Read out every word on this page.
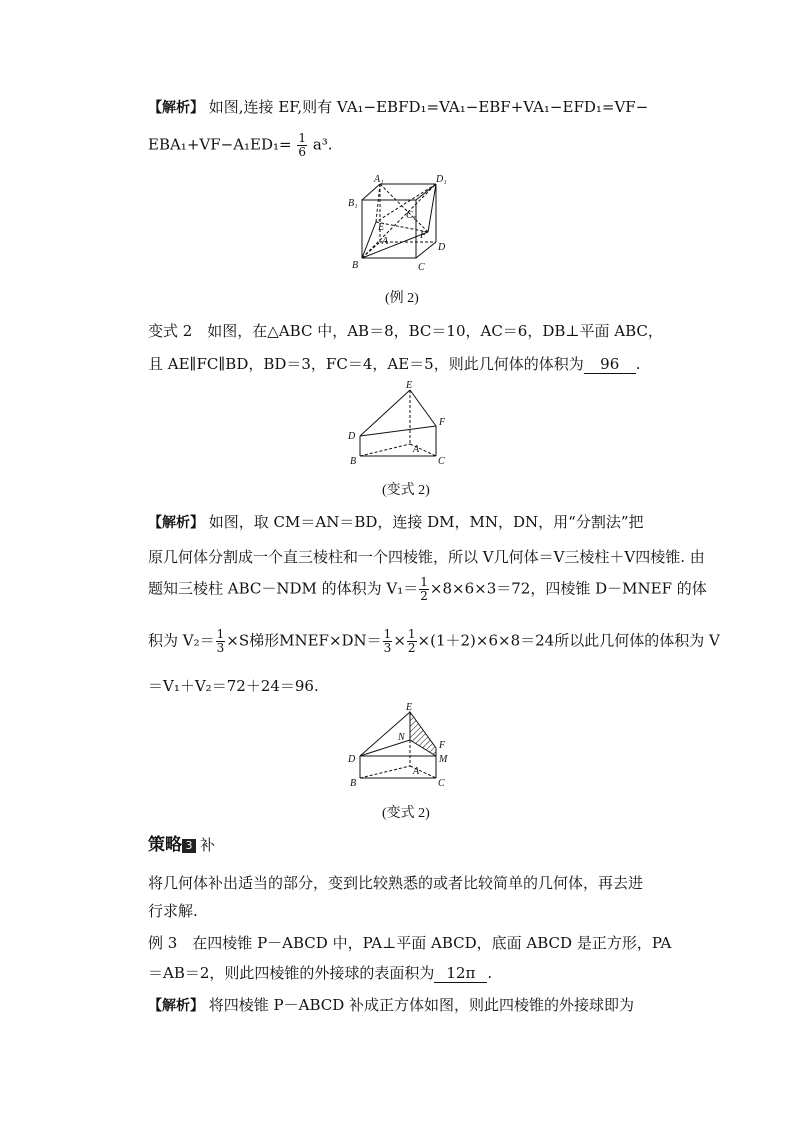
【解析】 如图,连接 EF,则有 VA₁−EBFD₁=VA₁−EBF+VA₁−EFD₁=VF−
$EBA_1+VF-A_1ED_1= \frac{1}{6} a^3$.
A₁	D₁
B₁
C₁
E
F
A
D
B	C
(例 2)
变式 2　如图，在△ABC 中，AB＝8，BC＝10，AC＝6，DB⊥平面 ABC，
且 AE∥FC∥BD，BD＝3，FC＝4，AE＝5，则此几何体的体积为 96 .
E
F
D
A
B	C
(变式 2)
【解析】 如图，取 CM＝AN＝BD，连接 DM，MN，DN，用“分割法”把
原几何体分割成一个直三棱柱和一个四棱锥，所以 V几何体＝V三棱柱＋V四棱锥. 由
题知三棱柱 ABC－NDM 的体积为 $V_1= \frac{1}{2} \times 8\times 6\times 3=72$，四棱锥 D－MNEF 的体
积为 $V_2= \frac{1}{3} \times S$梯形MNEF×DN＝ $\frac{1}{3} \times \frac{1}{2} \times(1+2)\times 6\times 8=24$所以此几何体的体积为 V
＝V₁＋V₂＝72＋24＝96.
E
N
F
M
D
A
B	C
(变式 2)
策略 3 补
将几何体补出适当的部分，变到比较熟悉的或者比较简单的几何体，再去进
行求解.
例 3　在四棱锥 P－ABCD 中，PA⊥平面 ABCD，底面 ABCD 是正方形，PA
＝AB＝2，则此四棱锥的外接球的表面积为 12π .
【解析】 将四棱锥 P－ABCD 补成正方体如图，则此四棱锥的外接球即为
